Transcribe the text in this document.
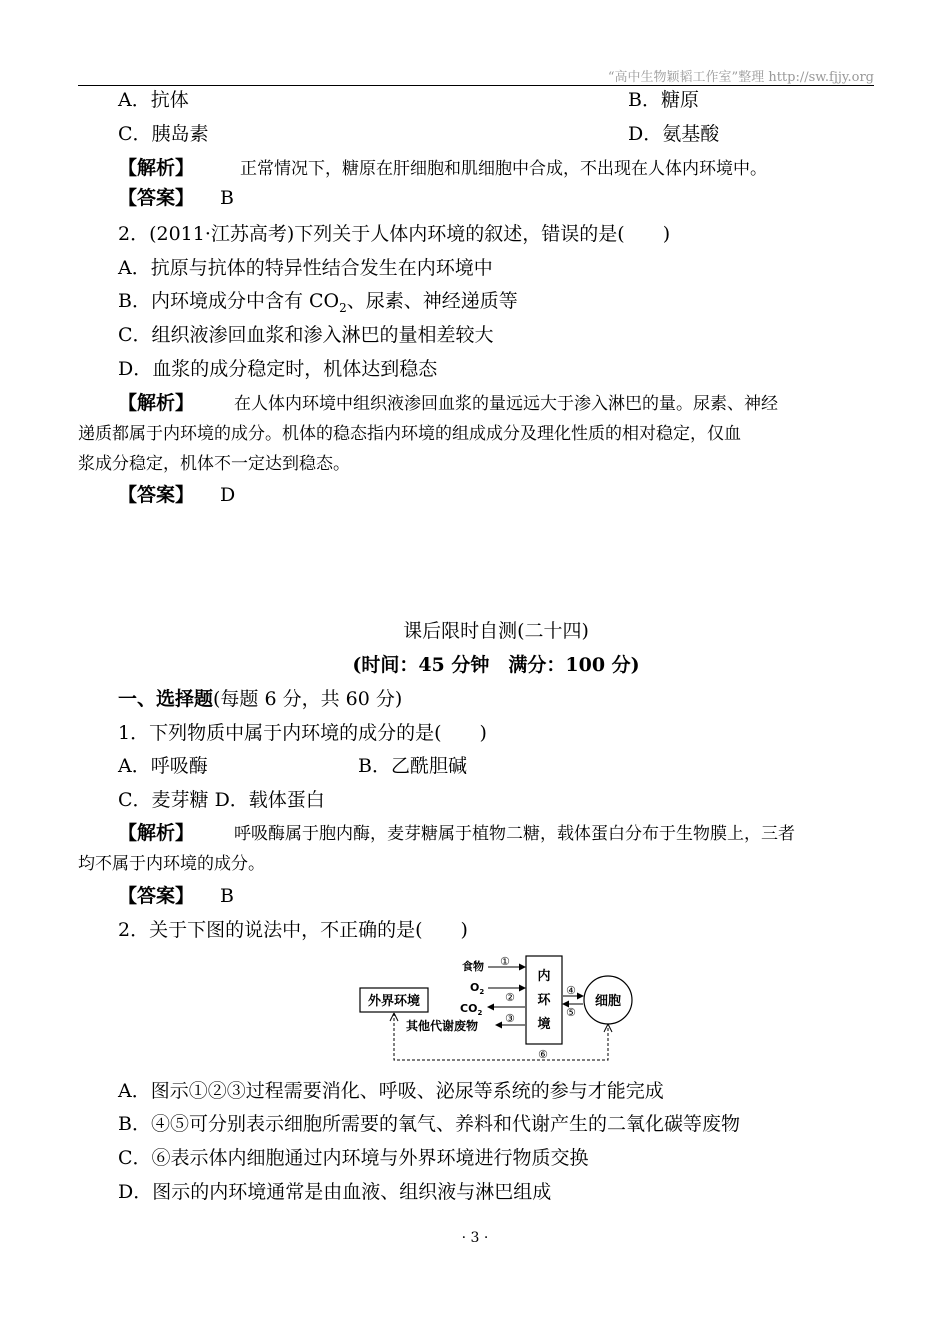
“高中生物颖韬工作室”整理 http://sw.fjjy.org
A．抗体	B．糖原
C．胰岛素	D．氨基酸
【解析】	正常情况下，糖原在肝细胞和肌细胞中合成，不出现在人体内环境中。
【答案】 B
2．(2011·江苏高考)下列关于人体内环境的叙述，错误的是(　　)
A．抗原与抗体的特异性结合发生在内环境中
B．内环境成分中含有 $CO_2$、尿素、神经递质等
C．组织液渗回血浆和渗入淋巴的量相差较大
D．血浆的成分稳定时，机体达到稳态
【解析】 在人体内环境中组织液渗回血浆的量远远大于渗入淋巴的量。尿素、神经
递质都属于内环境的成分。机体的稳态指内环境的组成成分及理化性质的相对稳定，仅血
浆成分稳定，机体不一定达到稳态。
【答案】 D
课后限时自测(二十四)
(时间：45 分钟　满分：100 分)
一、选择题(每题 6 分，共 60 分)
1．下列物质中属于内环境的成分的是(　　)
A．呼吸酶	B．乙酰胆碱
C．麦芽糖 D．载体蛋白
【解析】 呼吸酶属于胞内酶，麦芽糖属于植物二糖，载体蛋白分布于生物膜上，三者
均不属于内环境的成分。
【答案】 B
2．关于下图的说法中，不正确的是(　　)
外界环境
内
环
境
细胞
食物 ①
$O_2$ ②
$CO_2$ ③
其他代谢废物
④
⑤
⑥
A．图示①②③过程需要消化、呼吸、泌尿等系统的参与才能完成
B．④⑤可分别表示细胞所需要的氧气、养料和代谢产生的二氧化碳等废物
C．⑥表示体内细胞通过内环境与外界环境进行物质交换
D．图示的内环境通常是由血液、组织液与淋巴组成
· 3 ·
